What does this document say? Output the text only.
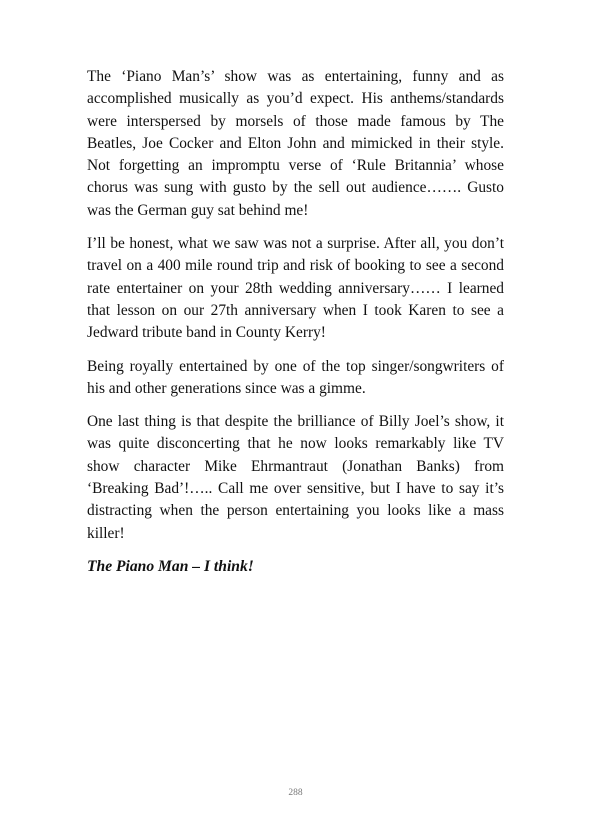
The ‘Piano Man’s’ show was as entertaining, funny and as accomplished musically as you’d expect. His anthems/standards were interspersed by morsels of those made famous by The Beatles, Joe Cocker and Elton John and mimicked in their style. Not forgetting an impromptu verse of ‘Rule Britannia’ whose chorus was sung with gusto by the sell out audience……. Gusto was the German guy sat behind me!

I’ll be honest, what we saw was not a surprise. After all, you don’t travel on a 400 mile round trip and risk of booking to see a second rate entertainer on your 28th wedding anniversary…… I learned that lesson on our 27th anniversary when I took Karen to see a Jedward tribute band in County Kerry!

Being royally entertained by one of the top singer/songwriters of his and other generations since was a gimme.

One last thing is that despite the brilliance of Billy Joel’s show, it was quite disconcerting that he now looks remarkably like TV show character Mike Ehrmantraut (Jonathan Banks) from ‘Breaking Bad’!….. Call me over sensitive, but I have to say it’s distracting when the person entertaining you looks like a mass killer!

The Piano Man – I think!

288
